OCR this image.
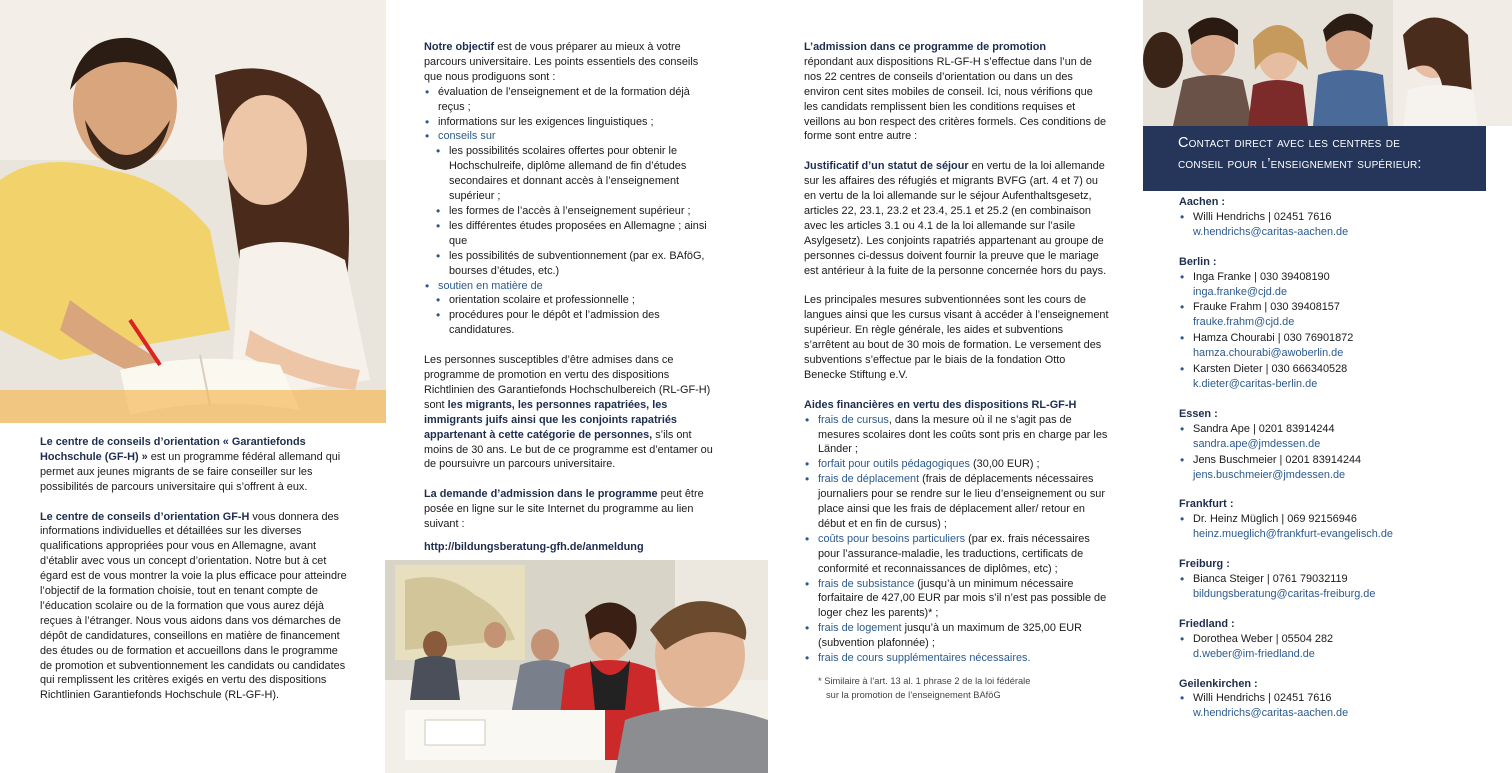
Le centre de conseils d’orientation « Garantiefonds Hochschule (GF-H) » est un programme fédéral allemand qui permet aux jeunes migrants de se faire conseiller sur les possibilités de parcours universitaire qui s’offrent à eux.

Le centre de conseils d’orientation GF-H vous donnera des informations individuelles et détaillées sur les diverses qualifications appropriées pour vous en Allemagne, avant d’établir avec vous un concept d’orientation. Notre but à cet égard est de vous montrer la voie la plus efficace pour atteindre l’objectif de la formation choisie, tout en tenant compte de l’éducation scolaire ou de la formation que vous aurez déjà reçues à l’étranger. Nous vous aidons dans vos démarches de dépôt de candidatures, conseillons en matière de financement des études ou de formation et accueillons dans le programme de promotion et subventionnement les candidats ou candidates qui remplissent les critères exigés en vertu des dispositions Richtlinien Garantiefonds Hochschule (RL-GF-H).

Notre objectif est de vous préparer au mieux à votre parcours universitaire. Les points essentiels des conseils que nous prodiguons sont :
• évaluation de l’enseignement et de la formation déjà reçus ;
• informations sur les exigences linguistiques ;
• conseils sur
• les possibilités scolaires offertes pour obtenir le Hochschulreife, diplôme allemand de fin d’études secondaires et donnant accès à l’enseignement supérieur ;
• les formes de l’accès à l’enseignement supérieur ;
• les différentes études proposées en Allemagne ; ainsi que
• les possibilités de subventionnement (par ex. BAföG, bourses d’études, etc.)
• soutien en matière de
• orientation scolaire et professionnelle ;
• procédures pour le dépôt et l’admission des candidatures.

Les personnes susceptibles d’être admises dans ce programme de promotion en vertu des dispositions Richtlinien des Garantiefonds Hochschulbereich (RL-GF-H) sont les migrants, les personnes rapatriées, les immigrants juifs ainsi que les conjoints rapatriés appartenant à cette catégorie de personnes, s’ils ont moins de 30 ans. Le but de ce programme est d’entamer ou de poursuivre un parcours universitaire.

La demande d’admission dans le programme peut être posée en ligne sur le site Internet du programme au lien suivant :
http://bildungsberatung-gfh.de/anmeldung
L’admission dans ce programme de promotion

répondant aux dispositions RL-GF-H s’effectue dans l’un de nos 22 centres de conseils d’orientation ou dans un des environ cent sites mobiles de conseil. Ici, nous vérifions que les candidats remplissent bien les conditions requises et veillons au bon respect des critères formels. Ces conditions de forme sont entre autre :

Justificatif d’un statut de séjour en vertu de la loi allemande sur les affaires des réfugiés et migrants BVFG (art. 4 et 7) ou en vertu de la loi allemande sur le séjour Aufenthaltsgesetz, articles 22, 23.1, 23.2 et 23.4, 25.1 et 25.2 (en combinaison avec les articles 3.1 ou 4.1 de la loi allemande sur l’asile Asylgesetz). Les conjoints rapatriés appartenant au groupe de personnes ci-dessus doivent fournir la preuve que le mariage est antérieur à la fuite de la personne concernée hors du pays.

Les principales mesures subventionnées sont les cours de langues ainsi que les cursus visant à accéder à l’enseignement supérieur. En règle générale, les aides et subventions s’arrêtent au bout de 30 mois de formation. Le versement des subventions s’effectue par le biais de la fondation Otto Benecke Stiftung e.V.

Aides financières en vertu des dispositions RL-GF-H
• frais de cursus, dans la mesure où il ne s’agit pas de mesures scolaires dont les coûts sont pris en charge par les Länder ;
• forfait pour outils pédagogiques (30,00 EUR) ;
• frais de déplacement (frais de déplacements nécessaires journaliers pour se rendre sur le lieu d’enseignement ou sur place ainsi que les frais de déplacement aller/ retour en début et en fin de cursus) ;
• coûts pour besoins particuliers (par ex. frais nécessaires pour l’assurance-maladie, les traductions, certificats de conformité et reconnaissances de diplômes, etc) ;
• frais de subsistance (jusqu’à un minimum nécessaire forfaitaire de 427,00 EUR par mois s’il n’est pas possible de loger chez les parents)* ;
• frais de logement jusqu’à un maximum de 325,00 EUR (subvention plafonnée) ;
• frais de cours supplémentaires nécessaires.
* Similaire à l’art. 13 al. 1 phrase 2 de la loi fédérale
sur la promotion de l’enseignement BAföG
Contact direct avec les centres de
conseil pour l’enseignement supérieur:
Aachen :
• Willi Hendrichs | 02451 7616
w.hendrichs@caritas-aachen.de
Berlin :
• Inga Franke | 030 39408190
inga.franke@cjd.de
• Frauke Frahm | 030 39408157
frauke.frahm@cjd.de
• Hamza Chourabi | 030 76901872
hamza.chourabi@awoberlin.de
• Karsten Dieter | 030 666340528
k.dieter@caritas-berlin.de
Essen :
• Sandra Ape | 0201 83914244
sandra.ape@jmdessen.de
• Jens Buschmeier | 0201 83914244
jens.buschmeier@jmdessen.de
Frankfurt :
• Dr. Heinz Müglich | 069 92156946
heinz.mueglich@frankfurt-evangelisch.de
Freiburg :
• Bianca Steiger | 0761 79032119
bildungsberatung@caritas-freiburg.de
Friedland :
• Dorothea Weber | 05504 282
d.weber@im-friedland.de
Geilenkirchen :
• Willi Hendrichs | 02451 7616
w.hendrichs@caritas-aachen.de
